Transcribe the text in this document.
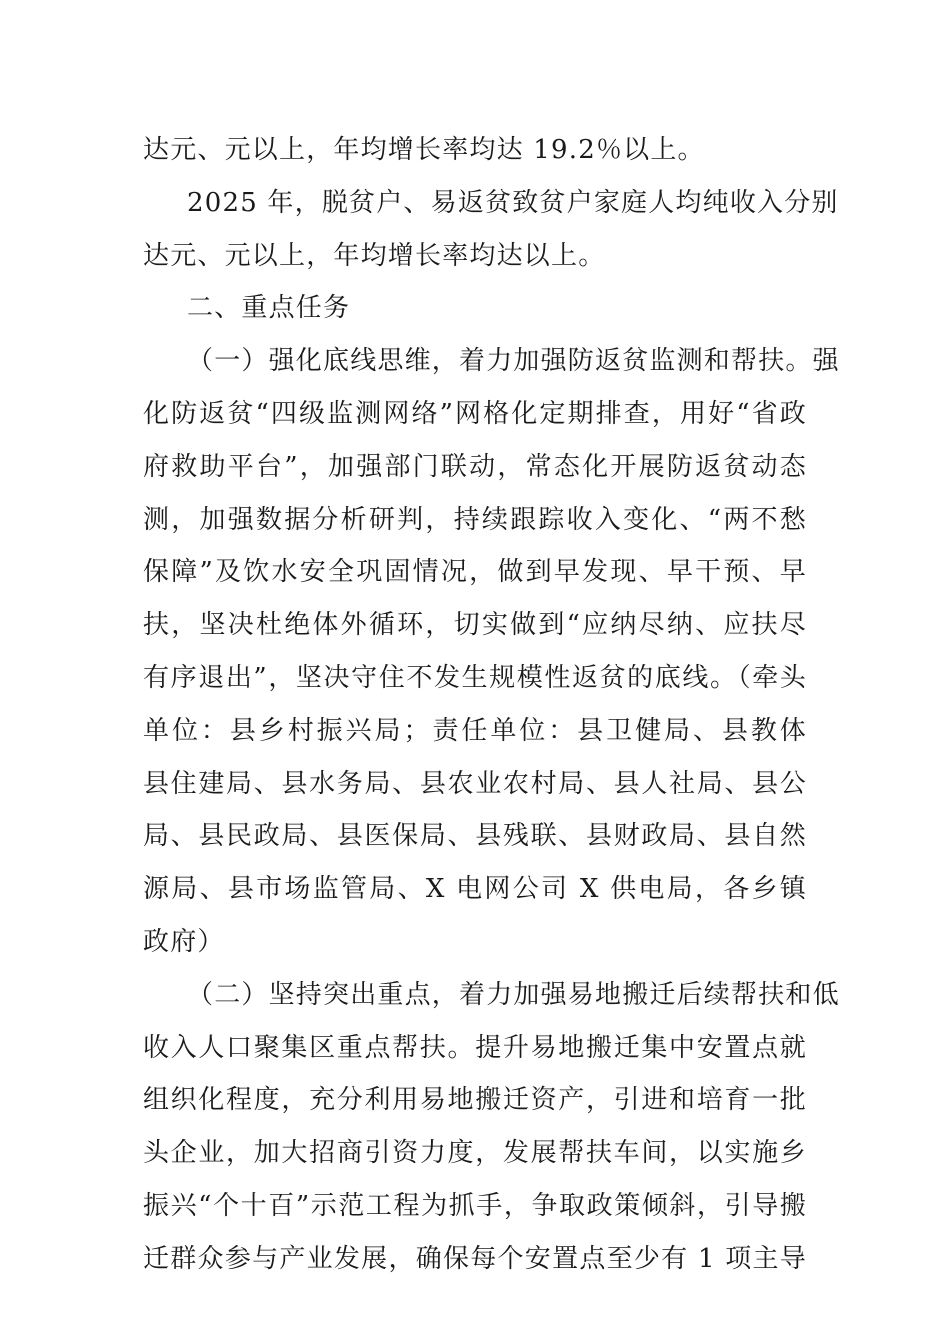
达元、元以上，年均增长率均达 19.2％以上。
2025 年，脱贫户、易返贫致贫户家庭人均纯收入分别
达元、元以上，年均增长率均达以上。
二、重点任务
（一）强化底线思维，着力加强防返贫监测和帮扶。强
化防返贫“四级监测网络”网格化定期排查，用好“省政
府救助平台”，加强部门联动，常态化开展防返贫动态
测，加强数据分析研判，持续跟踪收入变化、“两不愁
保障”及饮水安全巩固情况，做到早发现、早干预、早
扶，坚决杜绝体外循环，切实做到“应纳尽纳、应扶尽
有序退出”，坚决守住不发生规模性返贫的底线。（牵头
单位：县乡村振兴局；责任单位：县卫健局、县教体
县住建局、县水务局、县农业农村局、县人社局、县公
局、县民政局、县医保局、县残联、县财政局、县自然
源局、县市场监管局、X 电网公司 X 供电局，各乡镇
政府）
（二）坚持突出重点，着力加强易地搬迁后续帮扶和低
收入人口聚集区重点帮扶。提升易地搬迁集中安置点就
组织化程度，充分利用易地搬迁资产，引进和培育一批
头企业，加大招商引资力度，发展帮扶车间，以实施乡
振兴“个十百”示范工程为抓手，争取政策倾斜，引导搬
迁群众参与产业发展，确保每个安置点至少有 1 项主导
